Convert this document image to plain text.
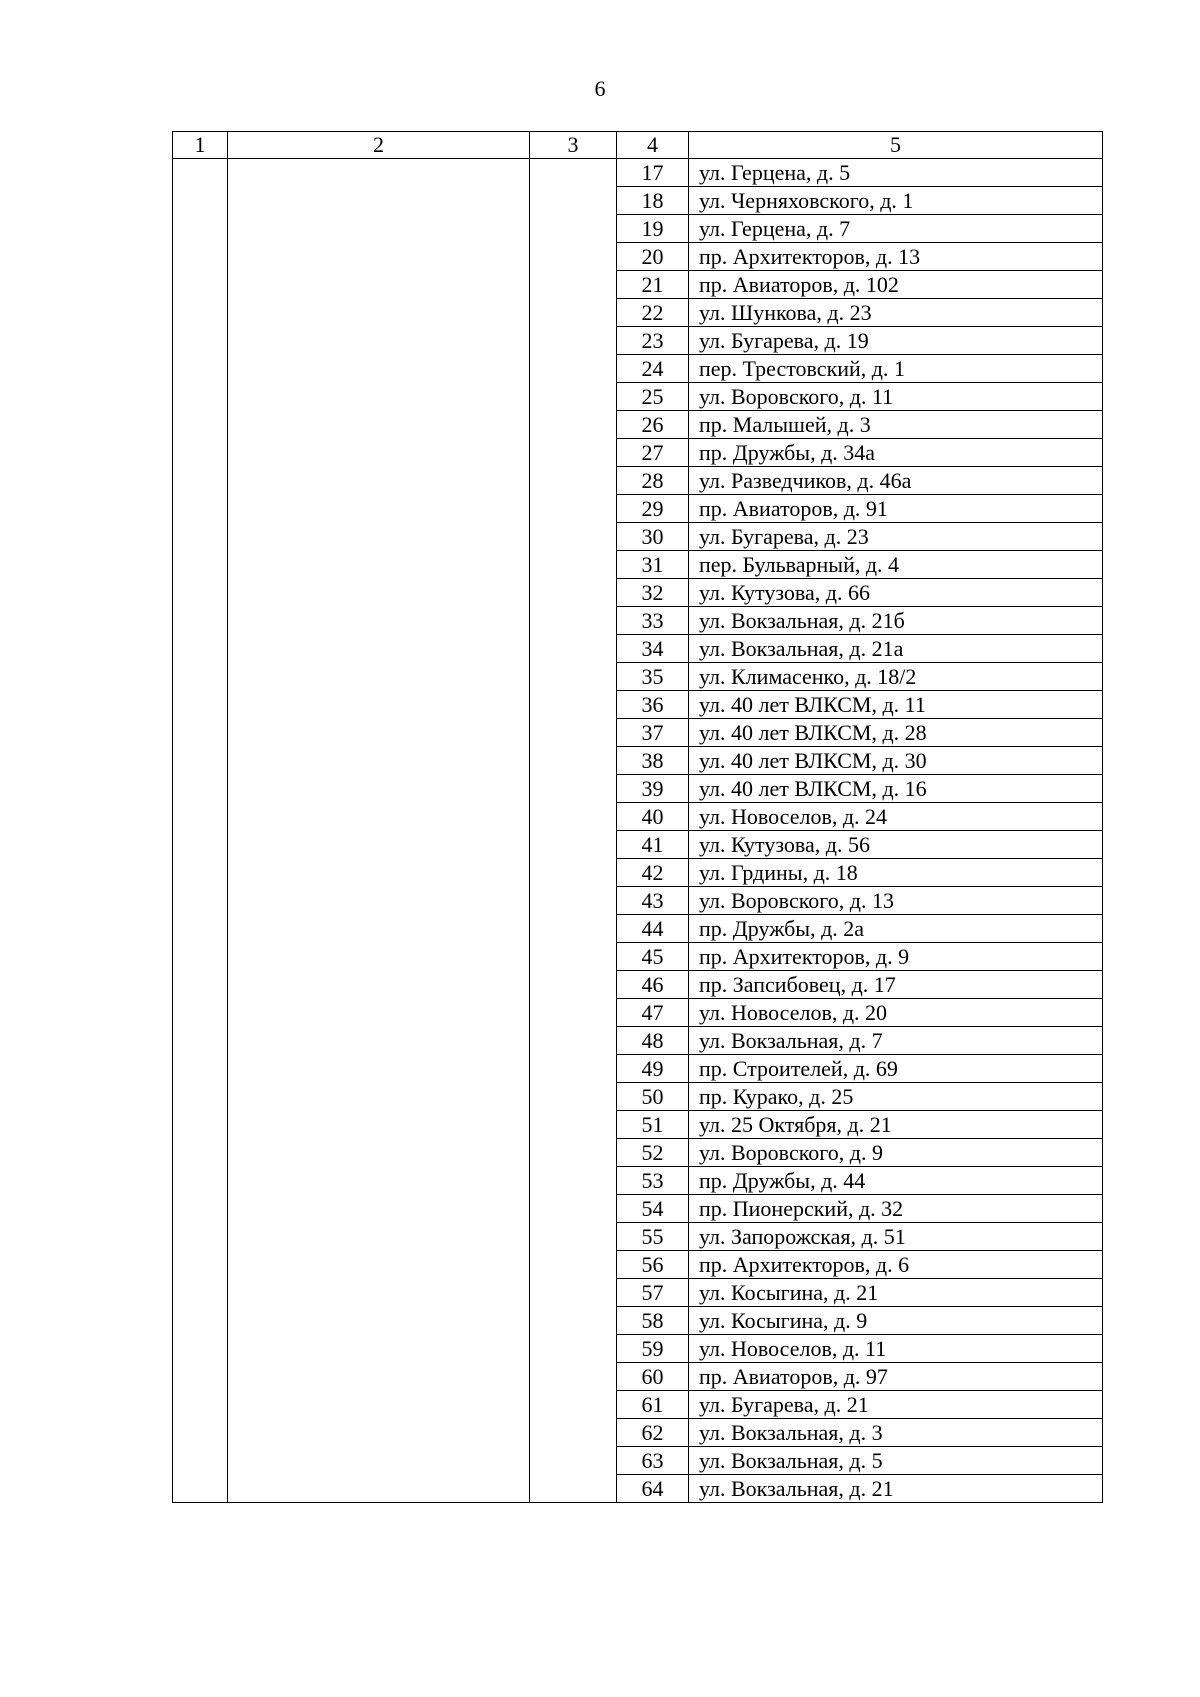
6
1	2	3	4	5
			17	ул. Герцена, д. 5
			18	ул. Черняховского, д. 1
			19	ул. Герцена, д. 7
			20	пр. Архитекторов, д. 13
			21	пр. Авиаторов, д. 102
			22	ул. Шункова, д. 23
			23	ул. Бугарева, д. 19
			24	пер. Трестовский, д. 1
			25	ул. Воровского, д. 11
			26	пр. Малышей, д. 3
			27	пр. Дружбы, д. 34а
			28	ул. Разведчиков, д. 46а
			29	пр. Авиаторов, д. 91
			30	ул. Бугарева, д. 23
			31	пер. Бульварный, д. 4
			32	ул. Кутузова, д. 66
			33	ул. Вокзальная, д. 21б
			34	ул. Вокзальная, д. 21а
			35	ул. Климасенко, д. 18/2
			36	ул. 40 лет ВЛКСМ, д. 11
			37	ул. 40 лет ВЛКСМ, д. 28
			38	ул. 40 лет ВЛКСМ, д. 30
			39	ул. 40 лет ВЛКСМ, д. 16
			40	ул. Новоселов, д. 24
			41	ул. Кутузова, д. 56
			42	ул. Грдины, д. 18
			43	ул. Воровского, д. 13
			44	пр. Дружбы, д. 2а
			45	пр. Архитекторов, д. 9
			46	пр. Запсибовец, д. 17
			47	ул. Новоселов, д. 20
			48	ул. Вокзальная, д. 7
			49	пр. Строителей, д. 69
			50	пр. Курако, д. 25
			51	ул. 25 Октября, д. 21
			52	ул. Воровского, д. 9
			53	пр. Дружбы, д. 44
			54	пр. Пионерский, д. 32
			55	ул. Запорожская, д. 51
			56	пр. Архитекторов, д. 6
			57	ул. Косыгина, д. 21
			58	ул. Косыгина, д. 9
			59	ул. Новоселов, д. 11
			60	пр. Авиаторов, д. 97
			61	ул. Бугарева, д. 21
			62	ул. Вокзальная, д. 3
			63	ул. Вокзальная, д. 5
			64	ул. Вокзальная, д. 21
